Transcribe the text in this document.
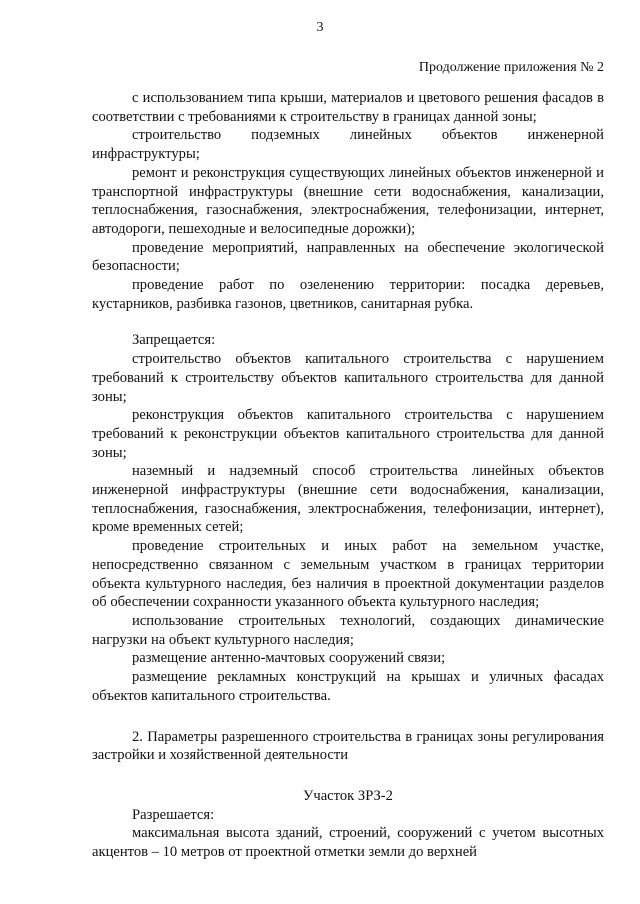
3
Продолжение приложения № 2

с использованием типа крыши, материалов и цветового решения фасадов в соответствии с требованиями к строительству в границах данной зоны;

строительство подземных линейных объектов инженерной инфраструктуры;

ремонт и реконструкция существующих линейных объектов инженерной и транспортной инфраструктуры (внешние сети водоснабжения, канализации, теплоснабжения, газоснабжения, электроснабжения, телефонизации, интернет, автодороги, пешеходные и велосипедные дорожки);

проведение мероприятий, направленных на обеспечение экологической безопасности;

проведение работ по озеленению территории: посадка деревьев, кустарников, разбивка газонов, цветников, санитарная рубка.

Запрещается:

строительство объектов капитального строительства с нарушением требований к строительству объектов капитального строительства для данной зоны;

реконструкция объектов капитального строительства с нарушением требований к реконструкции объектов капитального строительства для данной зоны;

наземный и надземный способ строительства линейных объектов инженерной инфраструктуры (внешние сети водоснабжения, канализации, теплоснабжения, газоснабжения, электроснабжения, телефонизации, интернет), кроме временных сетей;

проведение строительных и иных работ на земельном участке, непосредственно связанном с земельным участком в границах территории объекта культурного наследия, без наличия в проектной документации разделов об обеспечении сохранности указанного объекта культурного наследия;

использование строительных технологий, создающих динамические нагрузки на объект культурного наследия;

размещение антенно-мачтовых сооружений связи;

размещение рекламных конструкций на крышах и уличных фасадах объектов капитального строительства.

2. Параметры разрешенного строительства в границах зоны регулирования застройки и хозяйственной деятельности

Участок ЗРЗ-2

Разрешается:

максимальная высота зданий, строений, сооружений с учетом высотных акцентов – 10 метров от проектной отметки земли до верхней
